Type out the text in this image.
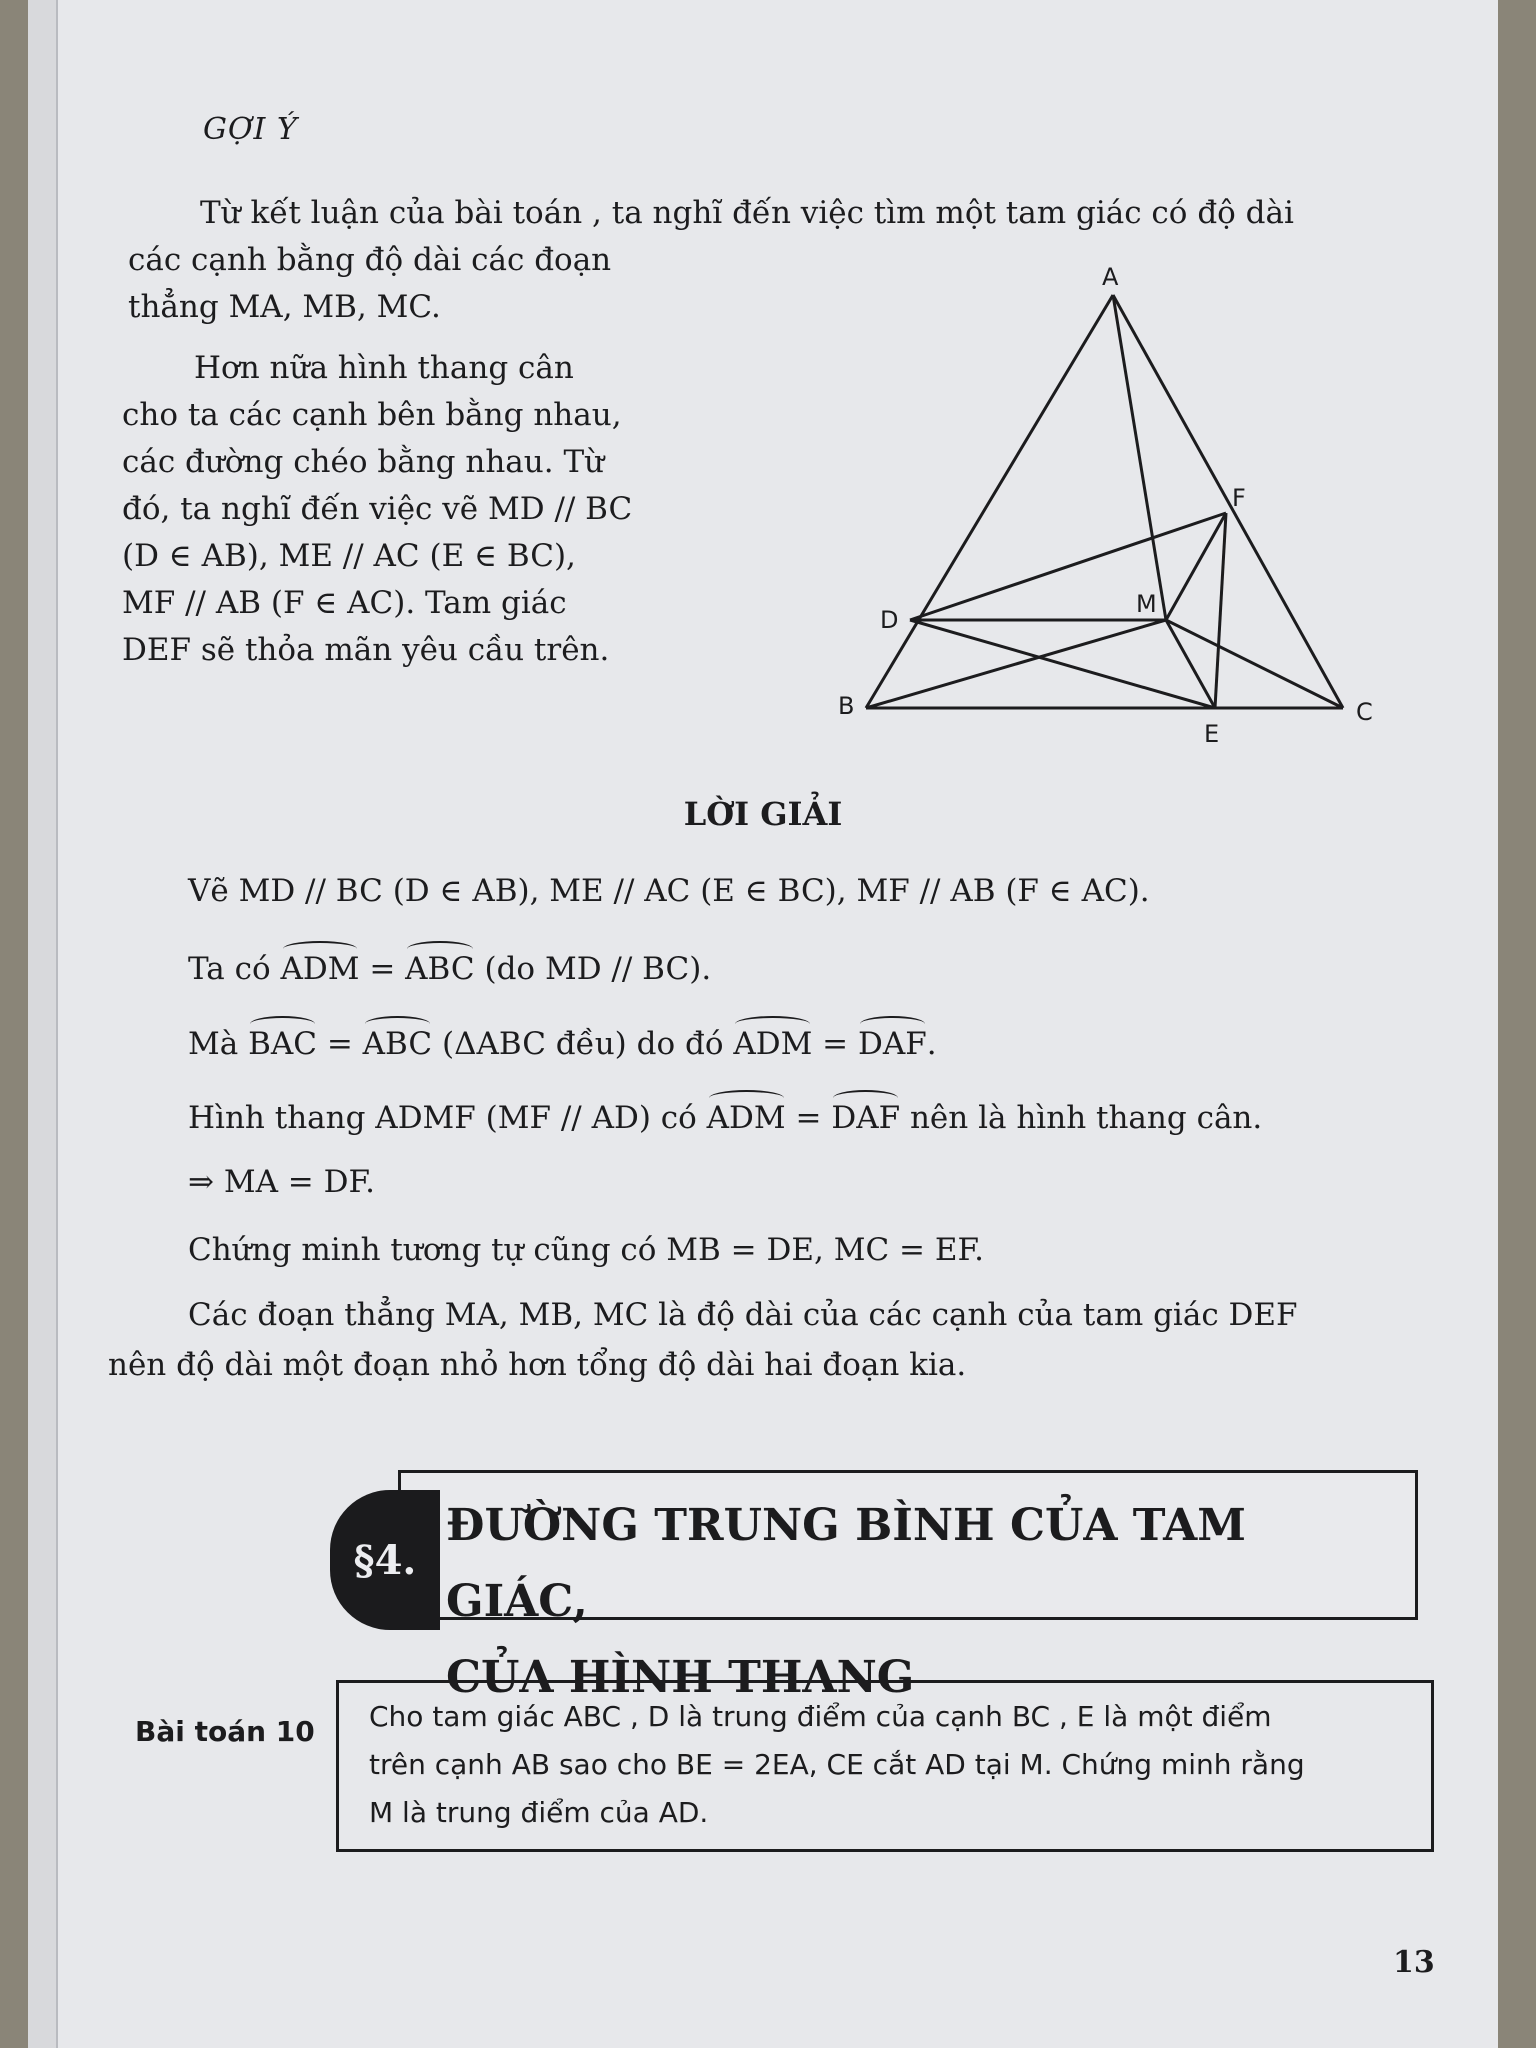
GỢI Ý
Từ kết luận của bài toán , ta nghĩ đến việc tìm một tam giác có độ dài
các cạnh bằng độ dài các đoạn
thẳng MA, MB, MC.
Hơn nữa hình thang cân
cho ta các cạnh bên bằng nhau,
các đường chéo bằng nhau. Từ
đó, ta nghĩ đến việc vẽ MD // BC
(D ∈ AB), ME // AC (E ∈ BC),
MF // AB (F ∈ AC). Tam giác
DEF sẽ thỏa mãn yêu cầu trên.
A
B	C
D
E
F
M
LỜI GIẢI
Vẽ MD // BC (D ∈ AB), ME // AC (E ∈ BC), MF // AB (F ∈ AC).
Ta có ADM = ABC (do MD // BC).
Mà BAC = ABC (ΔABC đều) do đó ADM = DAF.
Hình thang ADMF (MF // AD) có ADM = DAF nên là hình thang cân.
⇒ MA = DF.
Chứng minh tương tự cũng có MB = DE, MC = EF.
Các đoạn thẳng MA, MB, MC là độ dài của các cạnh của tam giác DEF
nên độ dài một đoạn nhỏ hơn tổng độ dài hai đoạn kia.
§4.
ĐƯỜNG TRUNG BÌNH CỦA TAM GIÁC,
CỦA HÌNH THANG
Bài toán 10 Cho tam giác ABC , D là trung điểm của cạnh BC , E là một điểm
trên cạnh AB sao cho BE = 2EA, CE cắt AD tại M. Chứng minh rằng
M là trung điểm của AD.
13
